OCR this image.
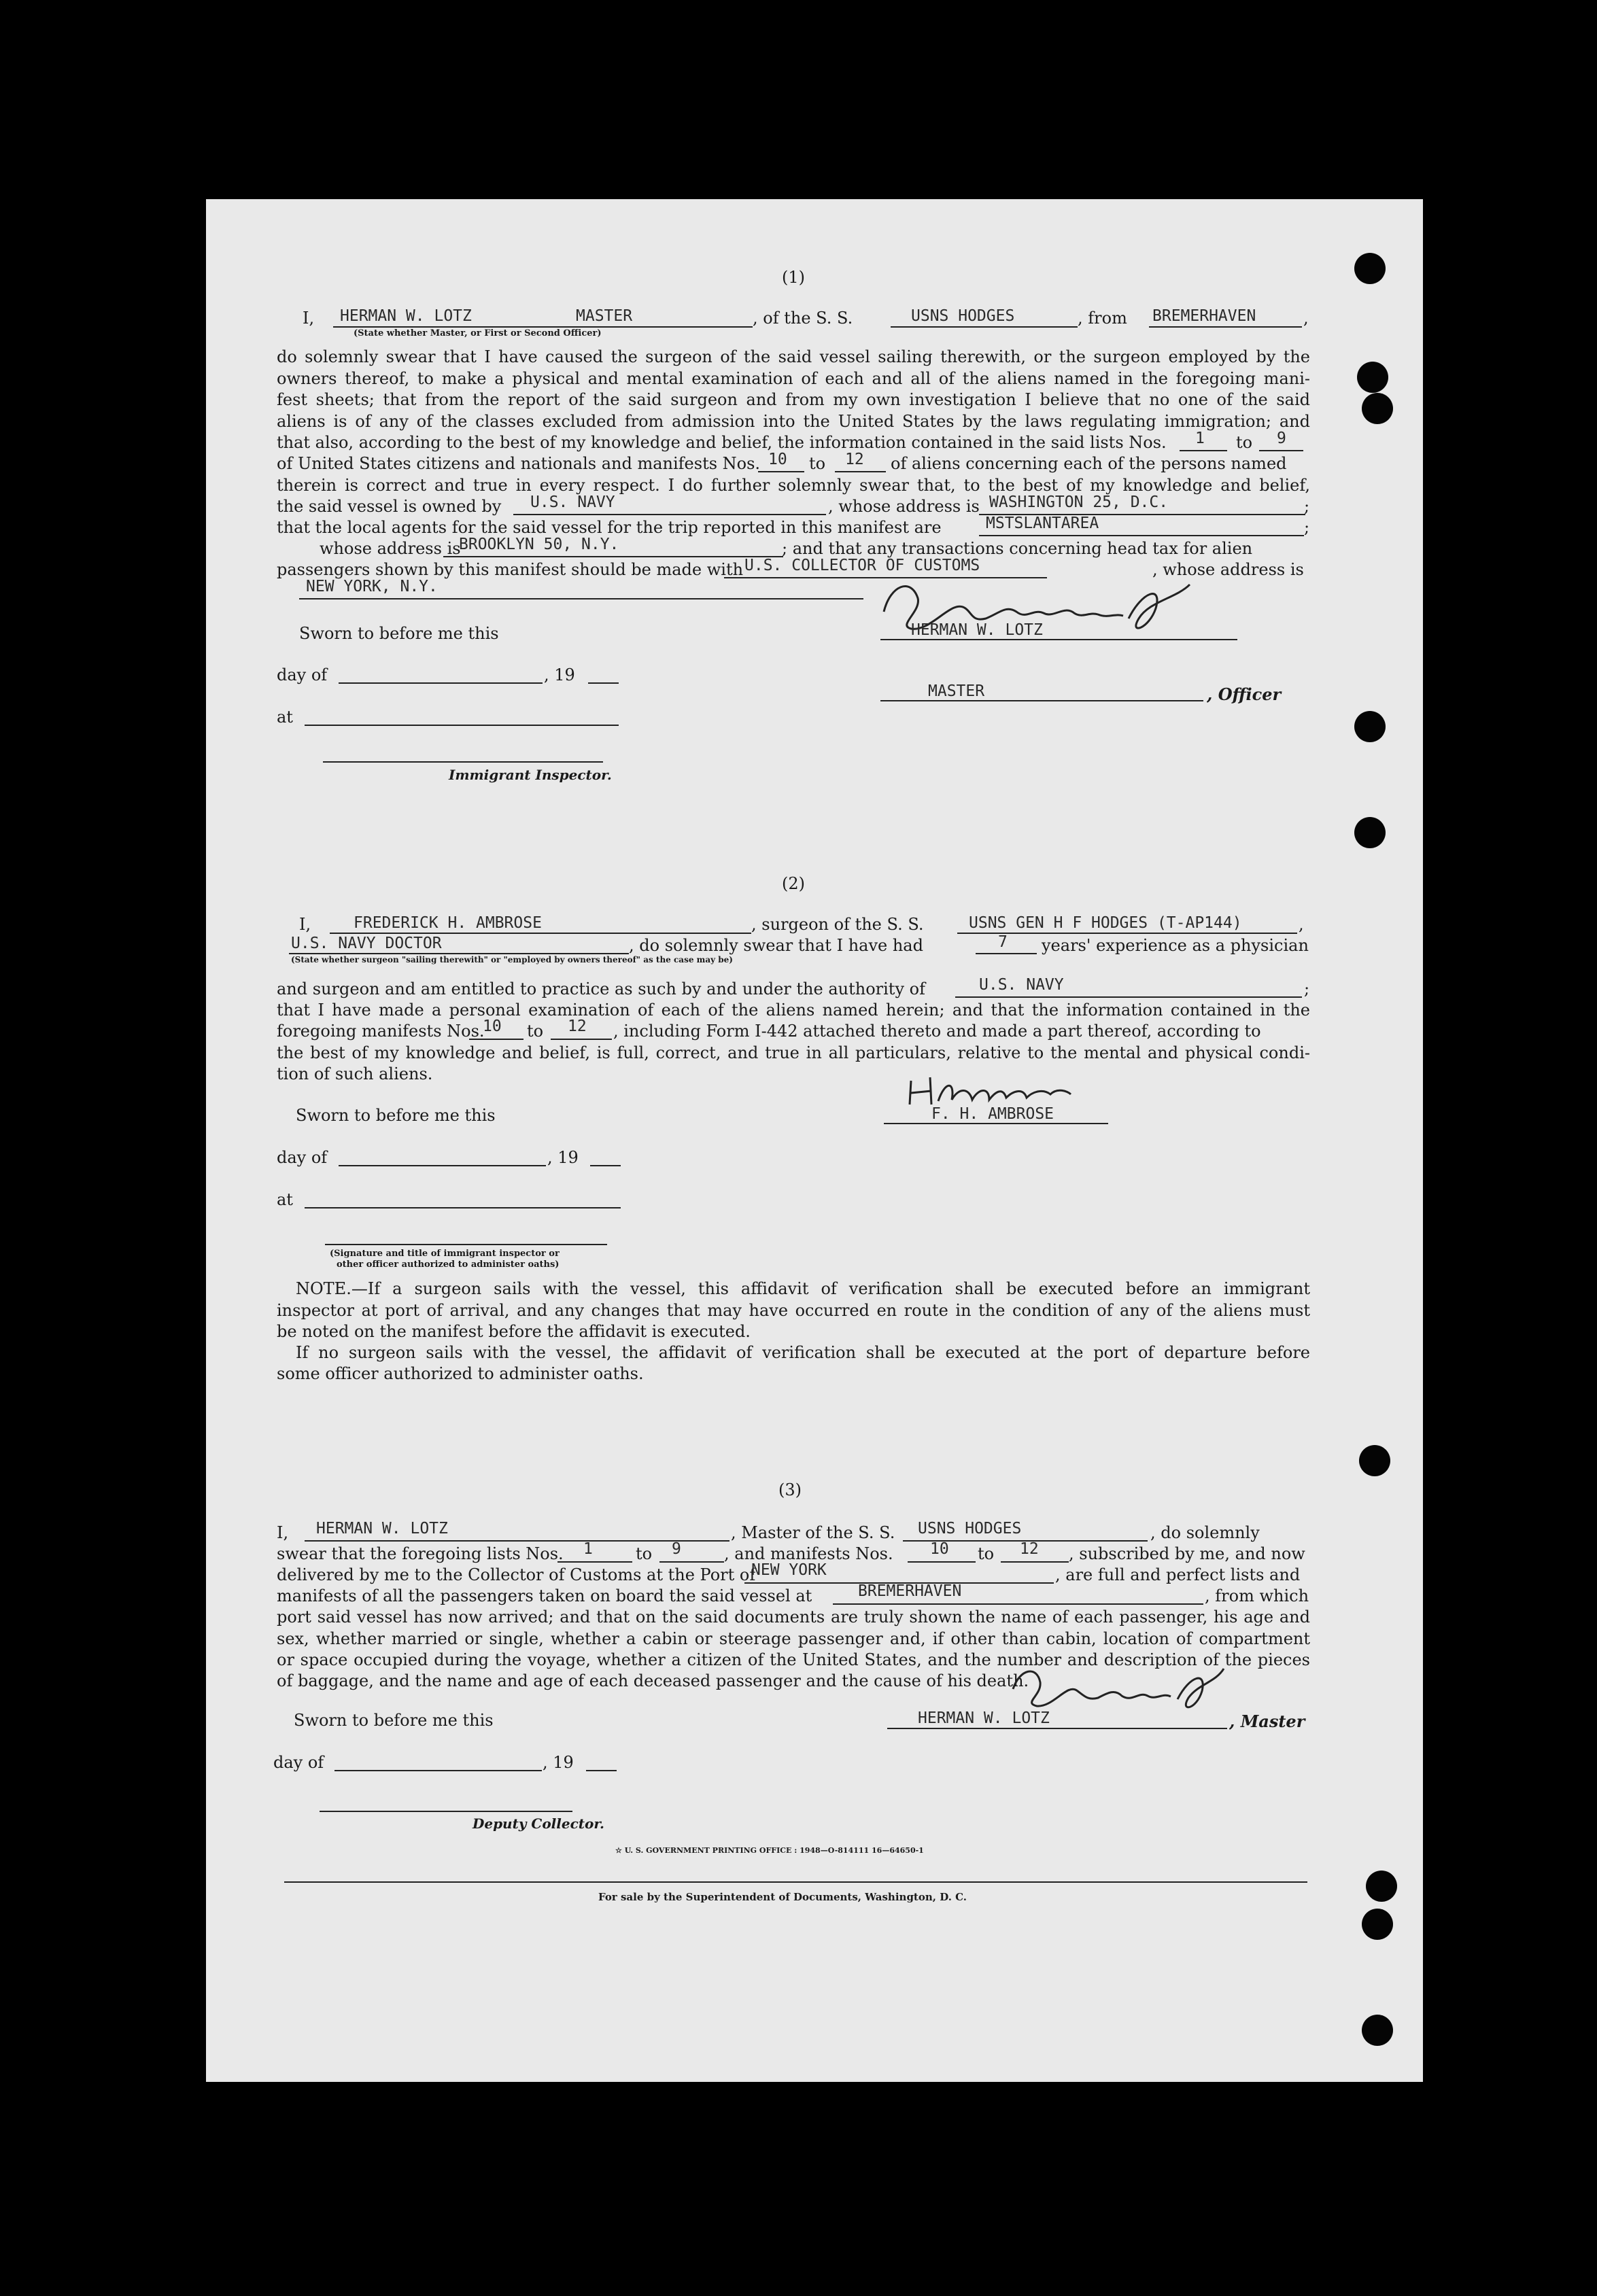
(1)
I, HERMAN W. LOTZ	MASTER	, of the S. S.	USNS HODGES	, from BREMERHAVEN	,
(State whether Master, or First or Second Officer)
do solemnly swear that I have caused the surgeon of the said vessel sailing therewith, or the surgeon employed by the
owners thereof, to make a physical and mental examination of each and all of the aliens named in the foregoing mani-
fest sheets; that from the report of the said surgeon and from my own investigation I believe that no one of the said
aliens is of any of the classes excluded from admission into the United States by the laws regulating immigration; and
that also, according to the best of my knowledge and belief, the information contained in the said lists Nos. 1 to 9
of United States citizens and nationals and manifests Nos. 10 to 12 of aliens concerning each of the persons named
therein is correct and true in every respect. I do further solemnly swear that, to the best of my knowledge and belief,
the said vessel is owned by U.S. NAVY	, whose address is WASHINGTON 25, D.C.	;
that the local agents for the said vessel for the trip reported in this manifest are	MSTSLANTAREA	;
whose address is
BROOKLYN 50, N.Y.	; and that any transactions concerning head tax for alien
passengers shown by this manifest should be made with U.S. COLLECTOR OF CUSTOMS	, whose address is
NEW YORK, N.Y.
Sworn to before me this
day of	, 19
at
Immigrant Inspector.
HERMAN W. LOTZ
MASTER	, Officer
(2)
I,	FREDERICK H. AMBROSE	, surgeon of the S. S.	USNS GEN H F HODGES (T-AP144)	,
U.S. NAVY DOCTOR	, do solemnly swear that I have had	7 years' experience as a physician
(State whether surgeon "sailing therewith" or "employed by owners thereof" as the case may be)
and surgeon and am entitled to practice as such by and under the authority of	U.S. NAVY	;
that I have made a personal examination of each of the aliens named herein; and that the information contained in the
foregoing manifests Nos.
10 to 12 , including Form I-442 attached thereto and made a part thereof, according to
the best of my knowledge and belief, is full, correct, and true in all particulars, relative to the mental and physical condi-
tion of such aliens.
Sworn to before me this	F. H. AMBROSE
day of	, 19
at
(Signature and title of immigrant inspector or
other officer authorized to administer oaths)
NOTE.—If a surgeon sails with the vessel, this affidavit of verification shall be executed before an immigrant
inspector at port of arrival, and any changes that may have occurred en route in the condition of any of the aliens must
be noted on the manifest before the affidavit is executed.
If no surgeon sails with the vessel, the affidavit of verification shall be executed at the port of departure before
some officer authorized to administer oaths.
(3)
I, HERMAN W. LOTZ	, Master of the S. S. USNS HODGES	, do solemnly
swear that the foregoing lists Nos. 1	to 9	, and manifests Nos. 10 to 12 , subscribed by me, and now
delivered by me to the Collector of Customs at the Port of
NEW YORK	, are full and perfect lists and
manifests of all the passengers taken on board the said vessel at	BREMERHAVEN	, from which
port said vessel has now arrived; and that on the said documents are truly shown the name of each passenger, his age and
sex, whether married or single, whether a cabin or steerage passenger and, if other than cabin, location of compartment
or space occupied during the voyage, whether a citizen of the United States, and the number and description of the pieces
of baggage, and the name and age of each deceased passenger and the cause of his death.
Sworn to before me this	HERMAN W. LOTZ	, Master
day of	, 19
Deputy Collector.
☆ U. S. GOVERNMENT PRINTING OFFICE : 1948—O-814111 16—64650-1
For sale by the Superintendent of Documents, Washington, D. C.
